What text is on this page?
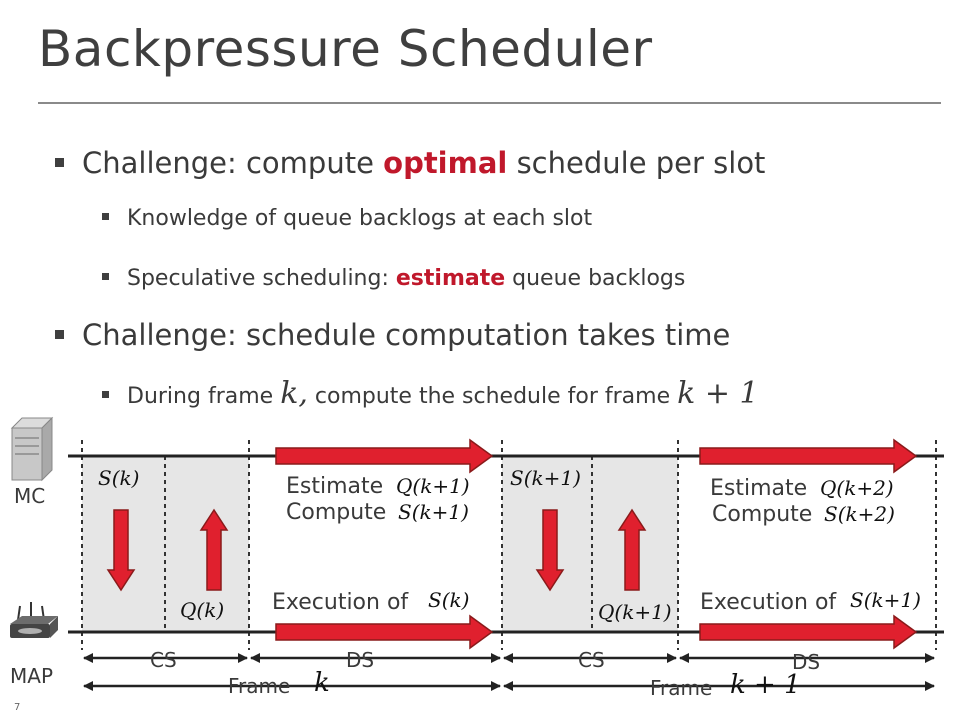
Backpressure Scheduler
Challenge: compute optimal schedule per slot
Knowledge of queue backlogs at each slot
Speculative scheduling: estimate queue backlogs
Challenge: schedule computation takes time
During frame k, compute the schedule for frame k + 1
MC
MAP
S(k)
Q(k)
S(k+1)
Q(k+1)
Estimate Q(k+1)
Compute S(k+1)
Execution of S(k)
Estimate Q(k+2)
Compute S(k+2)
Execution of S(k+1)
CS	DS	CS	DS
Frame k	Frame k + 1
7
